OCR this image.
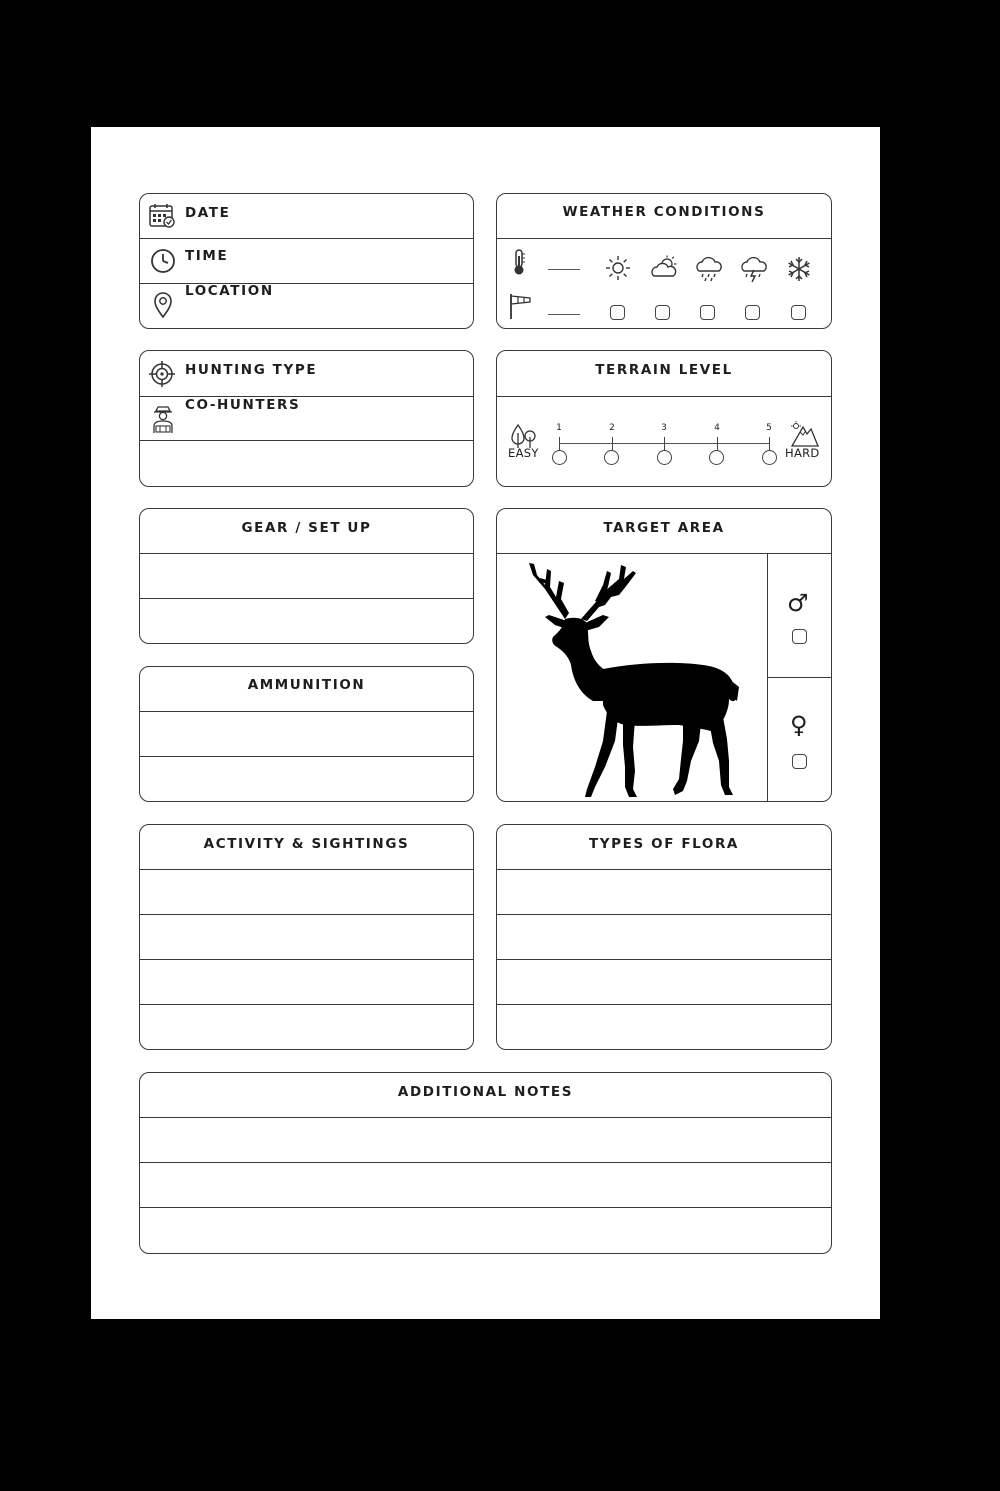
DATE
TIME
LOCATION
WEATHER CONDITIONS
HUNTING TYPE
CO-HUNTERS
TERRAIN LEVEL
EASY
1	2	3	4	5
HARD
GEAR / SET UP
AMMUNITION
TARGET AREA
♂
♀
ACTIVITY & SIGHTINGS	TYPES OF FLORA
ADDITIONAL NOTES
